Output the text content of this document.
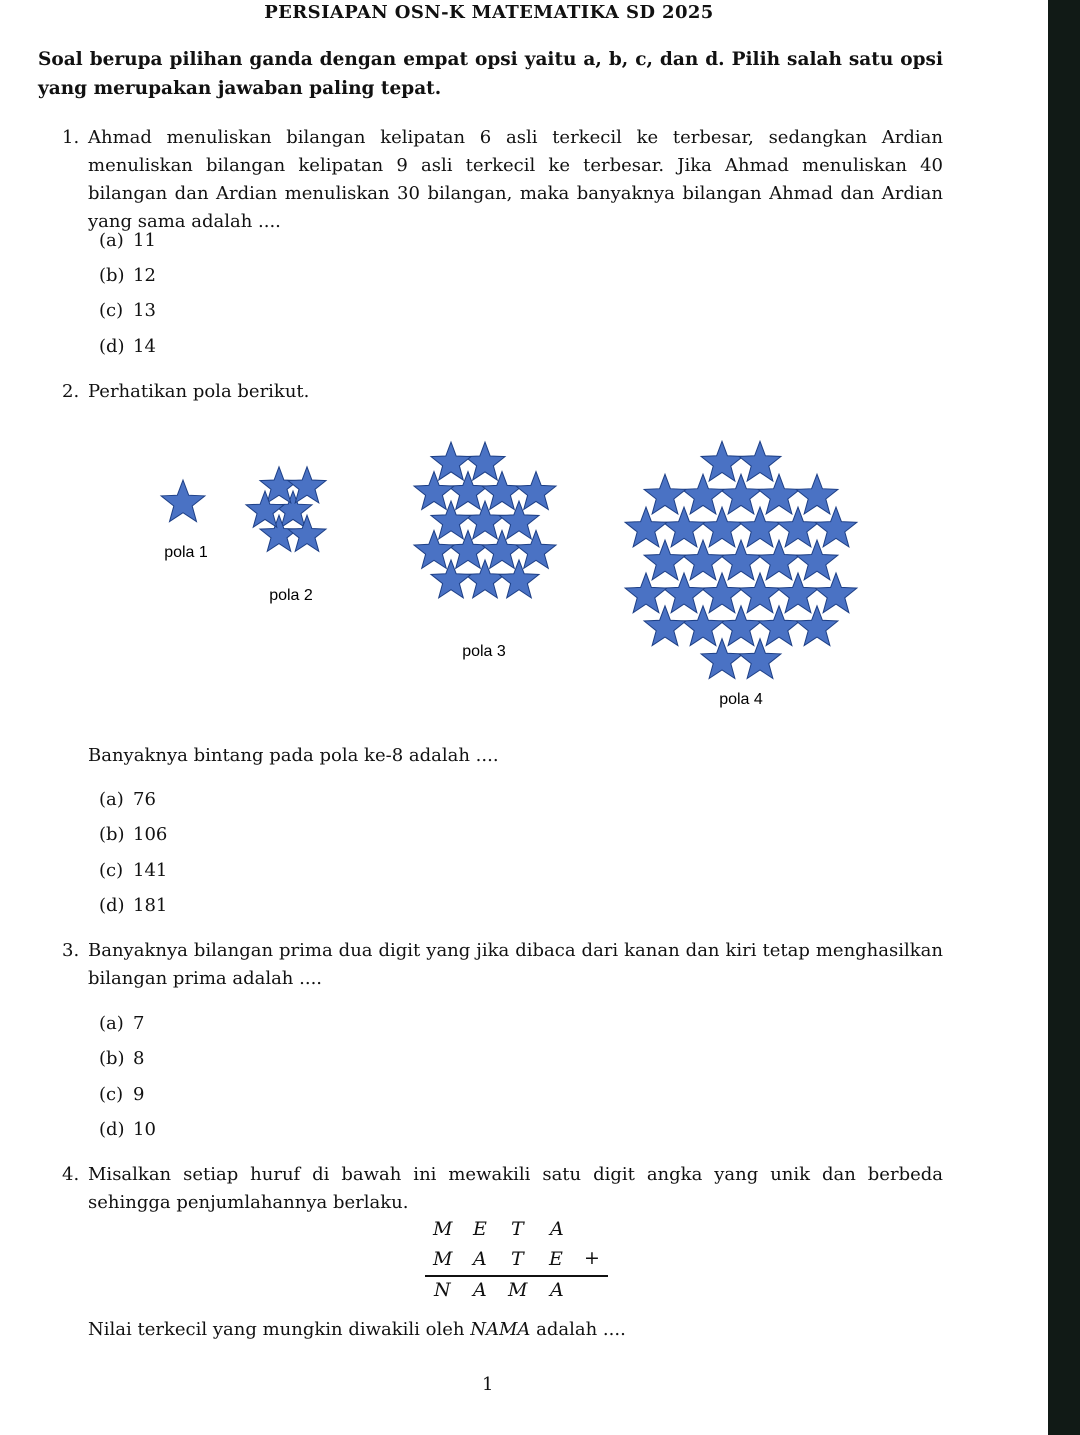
PERSIAPAN OSN-K MATEMATIKA SD 2025

Soal berupa pilihan ganda dengan empat opsi yaitu a, b, c, dan d. Pilih salah satu opsi yang merupakan jawaban paling tepat.

1. Ahmad menuliskan bilangan kelipatan 6 asli terkecil ke terbesar, sedangkan Ardian menuliskan bilangan kelipatan 9 asli terkecil ke terbesar. Jika Ahmad menuliskan 40 bilangan dan Ardian menuliskan 30 bilangan, maka banyaknya bilangan Ahmad dan Ardian yang sama adalah ....

(a) 11
(b) 12
(c) 13
(d) 14
2. Perhatikan pola berikut.
pola 1
pola 2
pola 3
pola 4
Banyaknya bintang pada pola ke-8 adalah ....
(a) 76
(b) 106
(c) 141
(d) 181
3. Banyaknya bilangan prima dua digit yang jika dibaca dari kanan dan kiri tetap menghasilkan bilangan prima adalah ....

(a) 7
(b) 8
(c) 9
(d) 10
4. Misalkan setiap huruf di bawah ini mewakili satu digit angka yang unik dan berbeda sehingga penjumlahannya berlaku.

M E T A
M A T E +
N A M A

Nilai terkecil yang mungkin diwakili oleh NAMA adalah ....

1
